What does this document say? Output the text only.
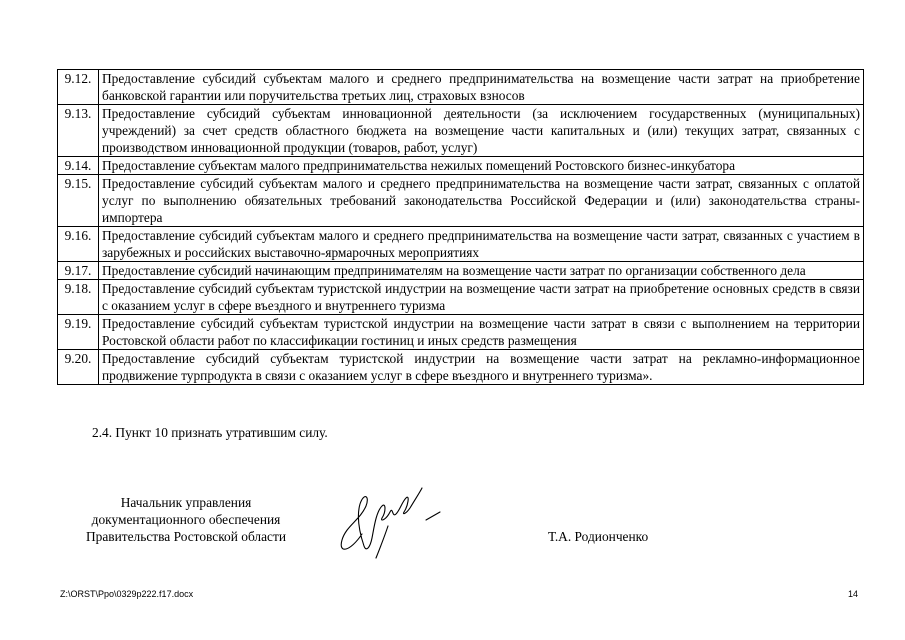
9.12.	Предоставление субсидий субъектам малого и среднего предпринимательства на возмещение части затрат на приобретение банковской гарантии или поручительства третьих лиц, страховых взносов
9.13.	Предоставление субсидий субъектам инновационной деятельности (за исключением государственных (муниципальных) учреждений) за счет средств областного бюджета на возмещение части капитальных и (или) текущих затрат, связанных с производством инновационной продукции (товаров, работ, услуг)
9.14.	Предоставление субъектам малого предпринимательства нежилых помещений Ростовского бизнес-инкубатора
9.15.	Предоставление субсидий субъектам малого и среднего предпринимательства на возмещение части затрат, связанных с оплатой услуг по выполнению обязательных требований законодательства Российской Федерации и (или) законодательства страны-импортера
9.16.	Предоставление субсидий субъектам малого и среднего предпринимательства на возмещение части затрат, связанных с участием в зарубежных и российских выставочно-ярмарочных мероприятиях
9.17.	Предоставление субсидий начинающим предпринимателям на возмещение части затрат по организации собственного дела
9.18.	Предоставление субсидий субъектам туристской индустрии на возмещение части затрат на приобретение основных средств в связи с оказанием услуг в сфере въездного и внутреннего туризма
9.19.	Предоставление субсидий субъектам туристской индустрии на возмещение части затрат в связи с выполнением на территории Ростовской области работ по классификации гостиниц и иных средств размещения
9.20.	Предоставление субсидий субъектам туристской индустрии на возмещение части затрат на рекламно-информационное продвижение турпродукта в связи с оказанием услуг в сфере въездного и внутреннего туризма».
2.4. Пункт 10 признать утратившим силу.
Начальник управления
документационного обеспечения
Правительства Ростовской области	Т.А. Родионченко
Z:\ORST\Ppo\0329p222.f17.docx	14
